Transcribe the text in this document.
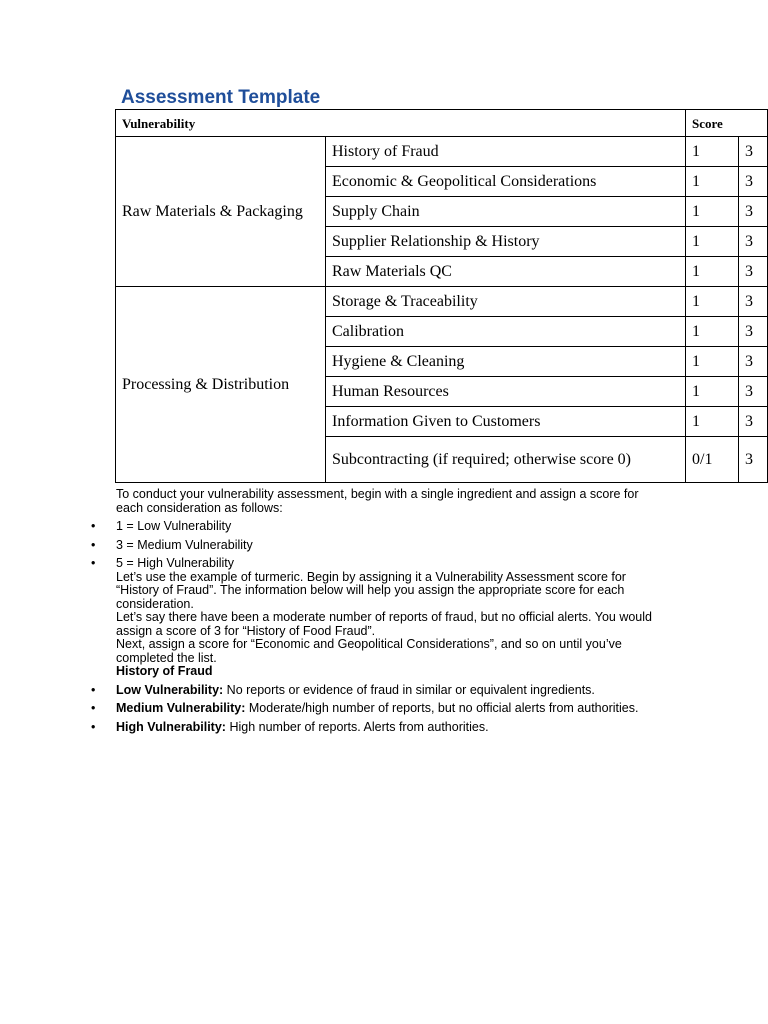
Assessment Template
Vulnerability		Score	
Raw Materials & Packaging	History of Fraud	1	3
	Economic & Geopolitical Considerations	1	3
	Supply Chain	1	3
	Supplier Relationship & History	1	3
	Raw Materials QC	1	3
Processing & Distribution	Storage & Traceability	1	3
	Calibration	1	3
	Hygiene & Cleaning	1	3
	Human Resources	1	3
	Information Given to Customers	1	3
	Subcontracting (if required; otherwise score 0)	0/1	3

To conduct your vulnerability assessment, begin with a single ingredient and assign a score for each consideration as follows:

• 1 = Low Vulnerability
• 3 = Medium Vulnerability
• 5 = High Vulnerability

Let’s use the example of turmeric. Begin by assigning it a Vulnerability Assessment score for “History of Fraud”. The information below will help you assign the appropriate score for each consideration.

Let’s say there have been a moderate number of reports of fraud, but no official alerts. You would assign a score of 3 for “History of Food Fraud”.

Next, assign a score for “Economic and Geopolitical Considerations”, and so on until you’ve completed the list.

History of Fraud

• Low Vulnerability: No reports or evidence of fraud in similar or equivalent ingredients.
• Medium Vulnerability: Moderate/high number of reports, but no official alerts from authorities.
• High Vulnerability: High number of reports. Alerts from authorities.
